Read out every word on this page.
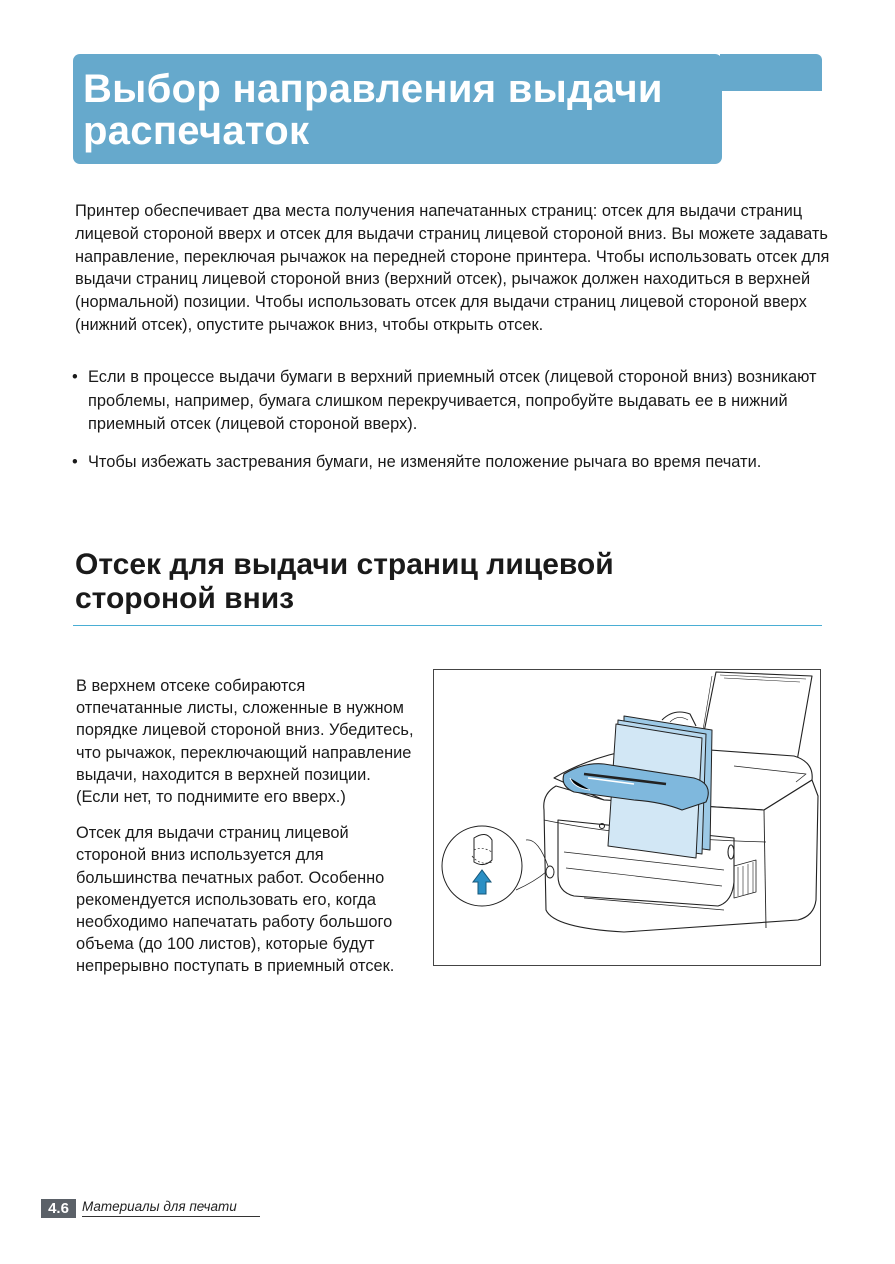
Выбор направления выдачи
распечаток

Принтер обеспечивает два места получения напечатанных страниц: отсек для выдачи страниц лицевой стороной вверх и отсек для выдачи страниц лицевой стороной вниз. Вы можете задавать направление, переключая рычажок на передней стороне принтера. Чтобы использовать отсек для выдачи страниц лицевой стороной вниз (верхний отсек), рычажок должен находиться в верхней (нормальной) позиции. Чтобы использовать отсек для выдачи страниц лицевой стороной вверх (нижний отсек), опустите рычажок вниз, чтобы открыть отсек.

• Если в процессе выдачи бумаги в верхний приемный отсек (лицевой стороной вниз) возникают проблемы, например, бумага слишком перекручивается, попробуйте выдавать ее в нижний приемный отсек (лицевой стороной вверх).
• Чтобы избежать застревания бумаги, не изменяйте положение рычага во время печати.
Отсек для выдачи страниц лицевой
стороной вниз

В верхнем отсеке собираются отпечатанные листы, сложенные в нужном порядке лицевой стороной вниз. Убедитесь, что рычажок, переключающий направление выдачи, находится в верхней позиции. (Если нет, то поднимите его вверх.)

Отсек для выдачи страниц лицевой стороной вниз используется для большинства печатных работ. Особенно рекомендуется использовать его, когда необходимо напечатать работу большого объема (до 100 листов), которые будут непрерывно поступать в приемный отсек.

4.6 Материалы для печати
